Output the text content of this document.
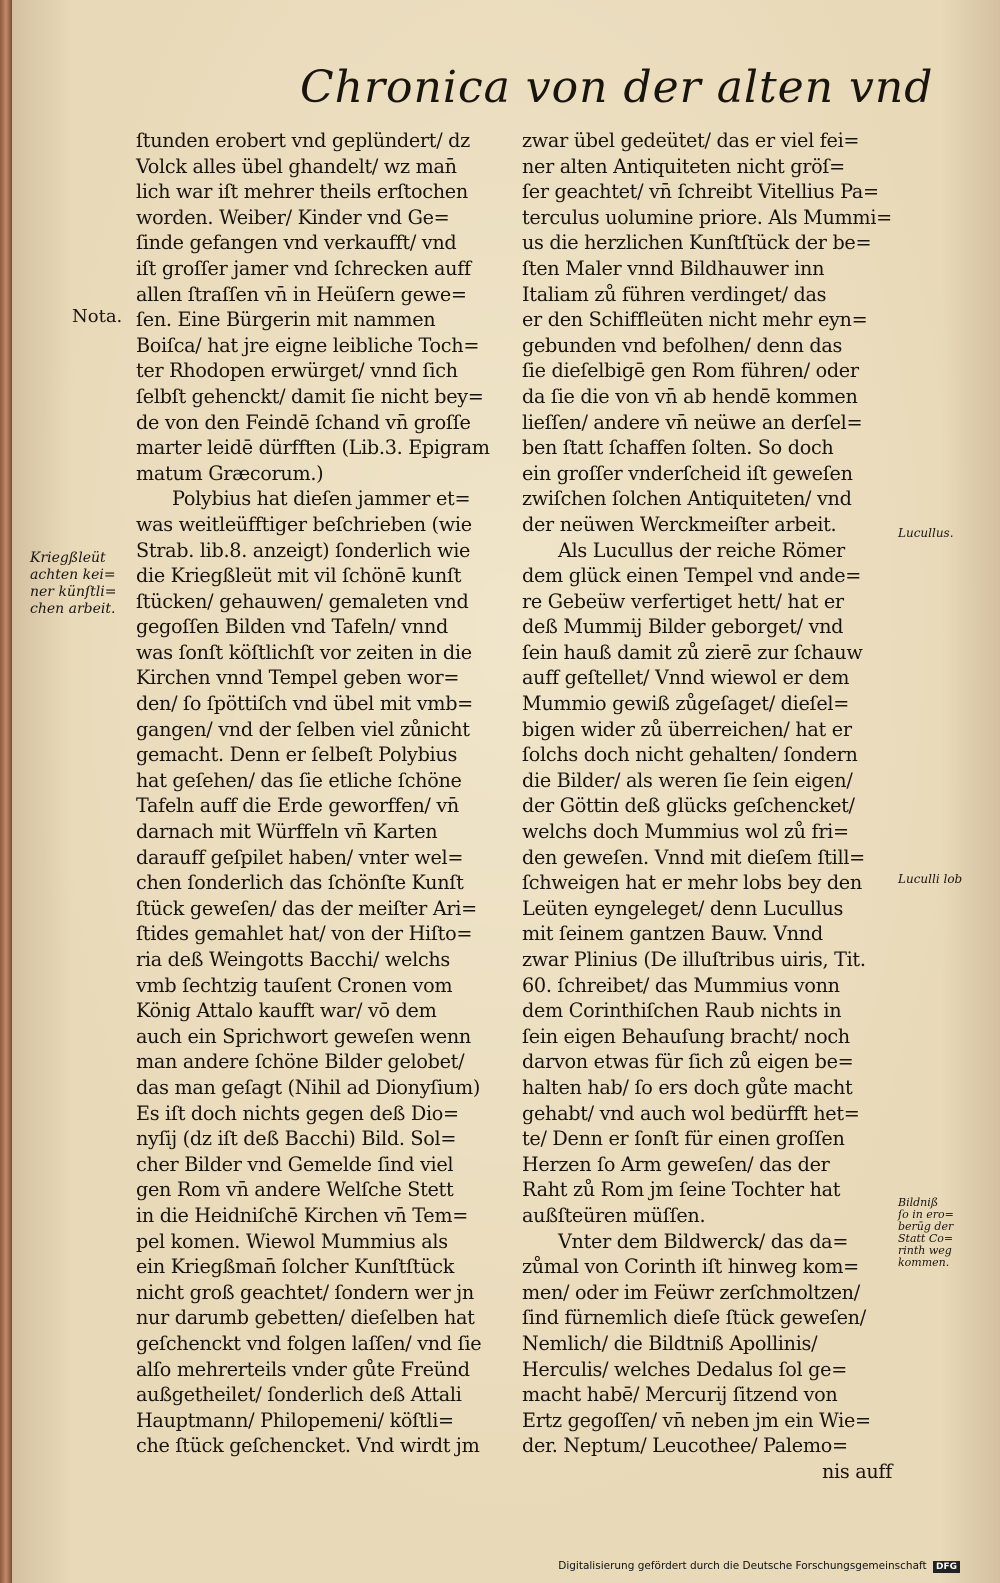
Chronica von der alten vnd
Nota.
Kriegßleüt
achten kei=
ner künſtli=
chen arbeit.
Lucullus.
Luculli lob
Bildniß
ſo in ero=
berūg der
Statt Co=
rinth weg
kommen.
ſtunden erobert vnd geplündert/ dz
Volck alles übel ghandelt/ wz man̄
lich war iſt mehrer theils erſtochen
worden. Weiber/ Kinder vnd Ge=
ſinde gefangen vnd verkaufft/ vnd
iſt groſſer jamer vnd ſchrecken auff
allen ſtraſſen vn̄ in Heüſern gewe=
ſen. Eine Bürgerin mit nammen
Boiſca/ hat jre eigne leibliche Toch=
ter Rhodopen erwürget/ vnnd ſich
ſelbſt gehenckt/ damit ſie nicht bey=
de von den Feindē ſchand vn̄ groſſe
marter leidē dürfften (Lib.3. Epigram
matum Græcorum.)
Polybius hat dieſen jammer et=
was weitleüfftiger beſchrieben (wie
Strab. lib.8. anzeigt) ſonderlich wie
die Kriegßleüt mit vil ſchönē kunſt
ſtücken/ gehauwen/ gemaleten vnd
gegoſſen Bilden vnd Tafeln/ vnnd
was ſonſt köſtlichſt vor zeiten in die
Kirchen vnnd Tempel geben wor=
den/ ſo ſpöttiſch vnd übel mit vmb=
gangen/ vnd der ſelben viel zůnicht
gemacht. Denn er ſelbeſt Polybius
hat geſehen/ das ſie etliche ſchöne
Tafeln auff die Erde geworffen/ vn̄
darnach mit Würffeln vn̄ Karten
darauff geſpilet haben/ vnter wel=
chen ſonderlich das ſchönſte Kunſt
ſtück geweſen/ das der meiſter Ari=
ſtides gemahlet hat/ von der Hiſto=
ria deß Weingotts Bacchi/ welchs
vmb ſechtzig tauſent Cronen vom
König Attalo kaufft war/ vō dem
auch ein Sprichwort geweſen wenn
man andere ſchöne Bilder gelobet/
das man geſagt (Nihil ad Dionyſium)
Es iſt doch nichts gegen deß Dio=
nyſij (dz iſt deß Bacchi) Bild. Sol=
cher Bilder vnd Gemelde ſind viel
gen Rom vn̄ andere Welſche Stett
in die Heidniſchē Kirchen vn̄ Tem=
pel komen. Wiewol Mummius als
ein Kriegßman̄ ſolcher Kunſtſtück
nicht groß geachtet/ ſondern wer jn
nur darumb gebetten/ dieſelben hat
geſchenckt vnd folgen laſſen/ vnd ſie
alſo mehrerteils vnder gůte Freünd
außgetheilet/ ſonderlich deß Attali
Hauptmann/ Philopemeni/ köſtli=
che ſtück geſchencket. Vnd wirdt jm
zwar übel gedeütet/ das er viel fei=
ner alten Antiquiteten nicht gröſ=
ſer geachtet/ vn̄ ſchreibt Vitellius Pa=
terculus uolumine priore. Als Mummi=
us die herzlichen Kunſtſtück der be=
ſten Maler vnnd Bildhauwer inn
Italiam zů führen verdinget/ das
er den Schiffleüten nicht mehr eyn=
gebunden vnd befolhen/ denn das
ſie dieſelbigē gen Rom führen/ oder
da ſie die von vn̄ ab hendē kommen
lieſſen/ andere vn̄ neüwe an derſel=
ben ſtatt ſchaffen ſolten. So doch
ein groſſer vnderſcheid iſt geweſen
zwiſchen ſolchen Antiquiteten/ vnd
der neüwen Werckmeiſter arbeit.
Als Lucullus der reiche Römer
dem glück einen Tempel vnd ande=
re Gebeüw verfertiget hett/ hat er
deß Mummij Bilder geborget/ vnd
ſein hauß damit zů zierē zur ſchauw
auff geſtellet/ Vnnd wiewol er dem
Mummio gewiß zůgeſaget/ dieſel=
bigen wider zů überreichen/ hat er
ſolchs doch nicht gehalten/ ſondern
die Bilder/ als weren ſie ſein eigen/
der Göttin deß glücks geſchencket/
welchs doch Mummius wol zů fri=
den geweſen. Vnnd mit dieſem ſtill=
ſchweigen hat er mehr lobs bey den
Leüten eyngeleget/ denn Lucullus
mit ſeinem gantzen Bauw. Vnnd
zwar Plinius (De illuſtribus uiris, Tit.
60. ſchreibet/ das Mummius vonn
dem Corinthiſchen Raub nichts in
ſein eigen Behauſung bracht/ noch
darvon etwas für ſich zů eigen be=
halten hab/ ſo ers doch gůte macht
gehabt/ vnd auch wol bedürfft het=
te/ Denn er ſonſt für einen groſſen
Herzen ſo Arm geweſen/ das der
Raht zů Rom jm ſeine Tochter hat
außſteüren müſſen.
Vnter dem Bildwerck/ das da=
zůmal von Corinth iſt hinweg kom=
men/ oder im Feüwr zerſchmoltzen/
ſind fürnemlich dieſe ſtück geweſen/
Nemlich/ die Bildtniß Apollinis/
Herculis/ welches Dedalus ſol ge=
macht habē/ Mercurij ſitzend von
Ertz gegoſſen/ vn̄ neben jm ein Wie=
der. Neptum/ Leucothee/ Palemo=
nis auff
Digitalisierung gefördert durch die Deutsche Forschungsgemeinschaft DFG
